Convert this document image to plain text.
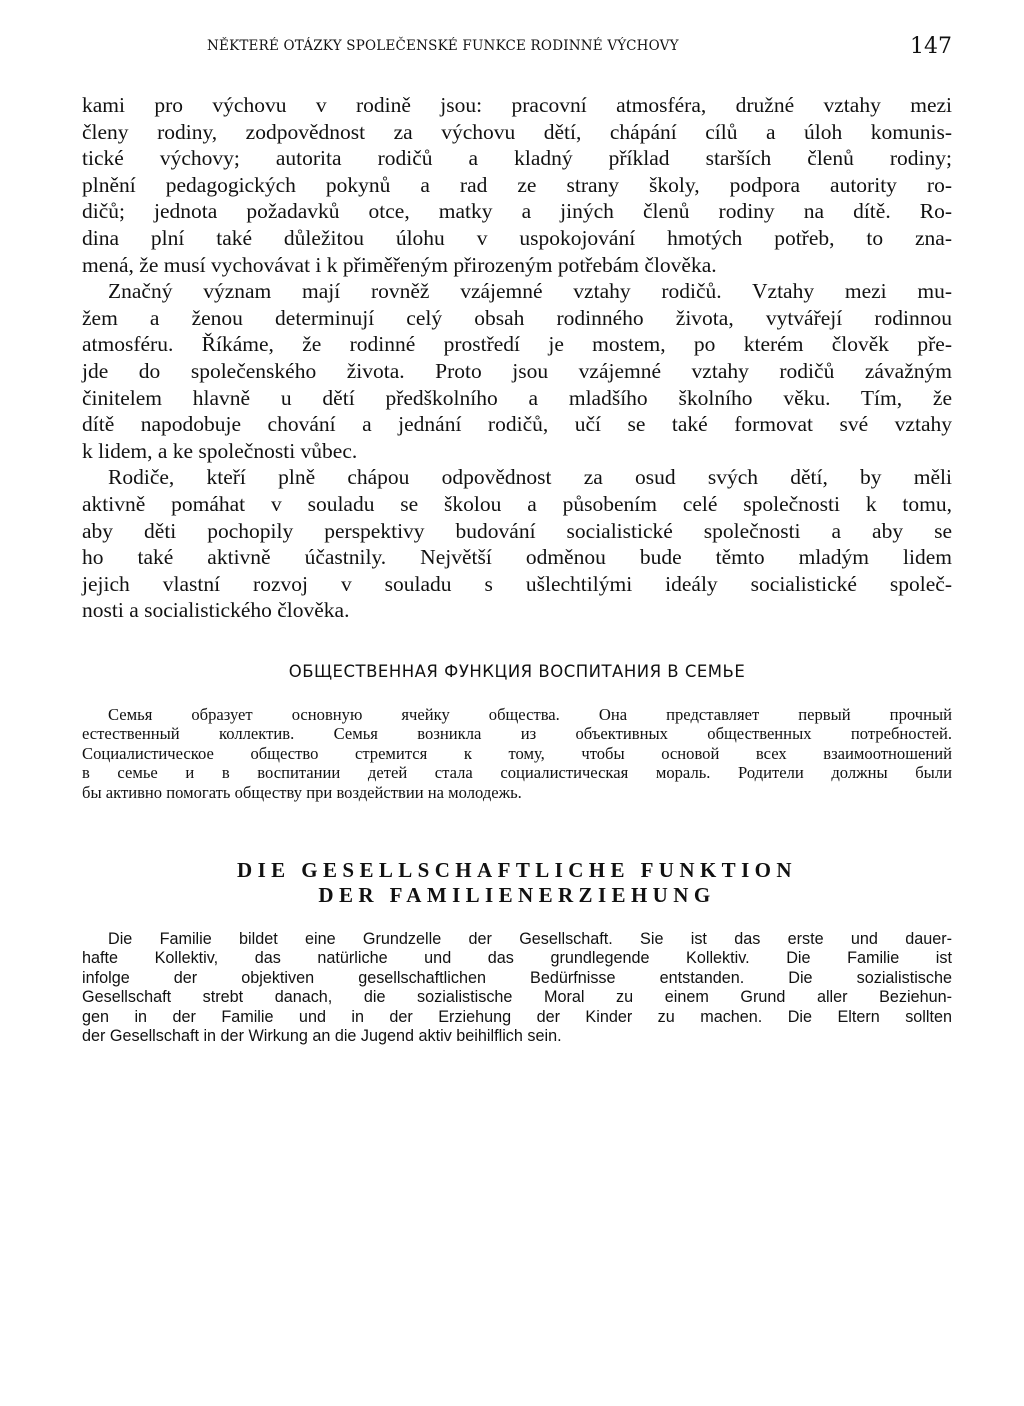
NĚKTERÉ OTÁZKY SPOLEČENSKÉ FUNKCE RODINNÉ VÝCHOVY	147
kami pro výchovu v rodině jsou: pracovní atmosféra, družné vztahy mezi
členy rodiny, zodpovědnost za výchovu dětí, chápání cílů a úloh komunis-
tické výchovy; autorita rodičů a kladný příklad starších členů rodiny;
plnění pedagogických pokynů a rad ze strany školy, podpora autority ro-
dičů; jednota požadavků otce, matky a jiných členů rodiny na dítě. Ro-
dina plní také důležitou úlohu v uspokojování hmotých potřeb, to zna-
mená, že musí vychovávat i k přiměřeným přirozeným potřebám člověka.
Značný význam mají rovněž vzájemné vztahy rodičů. Vztahy mezi mu-
žem a ženou determinují celý obsah rodinného života, vytvářejí rodinnou
atmosféru. Říkáme, že rodinné prostředí je mostem, po kterém člověk pře-
jde do společenského života. Proto jsou vzájemné vztahy rodičů závažným
činitelem hlavně u dětí předškolního a mladšího školního věku. Tím, že
dítě napodobuje chování a jednání rodičů, učí se také formovat své vztahy
k lidem, a ke společnosti vůbec.
Rodiče, kteří plně chápou odpovědnost za osud svých dětí, by měli
aktivně pomáhat v souladu se školou a působením celé společnosti k tomu,
aby děti pochopily perspektivy budování socialistické společnosti a aby se
ho také aktivně účastnily. Největší odměnou bude těmto mladým lidem
jejich vlastní rozvoj v souladu s ušlechtilými ideály socialistické společ-
nosti a socialistického člověka.
ОБЩЕСТВЕННАЯ ФУНКЦИЯ ВОСПИТАНИЯ В СЕМЬЕ
Семья образует основную ячейку общества. Она представляет первый прочный
естественный коллектив. Семья возникла из объективных общественных потребностей.
Социалистическое общество стремится к тому, чтобы основой всех взаимоотношений
в семье и в воспитании детей стала социалистическая мораль. Родители должны были
бы активно помогать обществу при воздействии на молодежь.
DIE GESELLSCHAFTLICHE FUNKTION
DER FAMILIENERZIEHUNG
Die Familie bildet eine Grundzelle der Gesellschaft. Sie ist das erste und dauer-
hafte Kollektiv, das natürliche und das grundlegende Kollektiv. Die Familie ist
infolge der objektiven gesellschaftlichen Bedürfnisse entstanden. Die sozialistische
Gesellschaft strebt danach, die sozialistische Moral zu einem Grund aller Beziehun-
gen in der Familie und in der Erziehung der Kinder zu machen. Die Eltern sollten
der Gesellschaft in der Wirkung an die Jugend aktiv beihilflich sein.
